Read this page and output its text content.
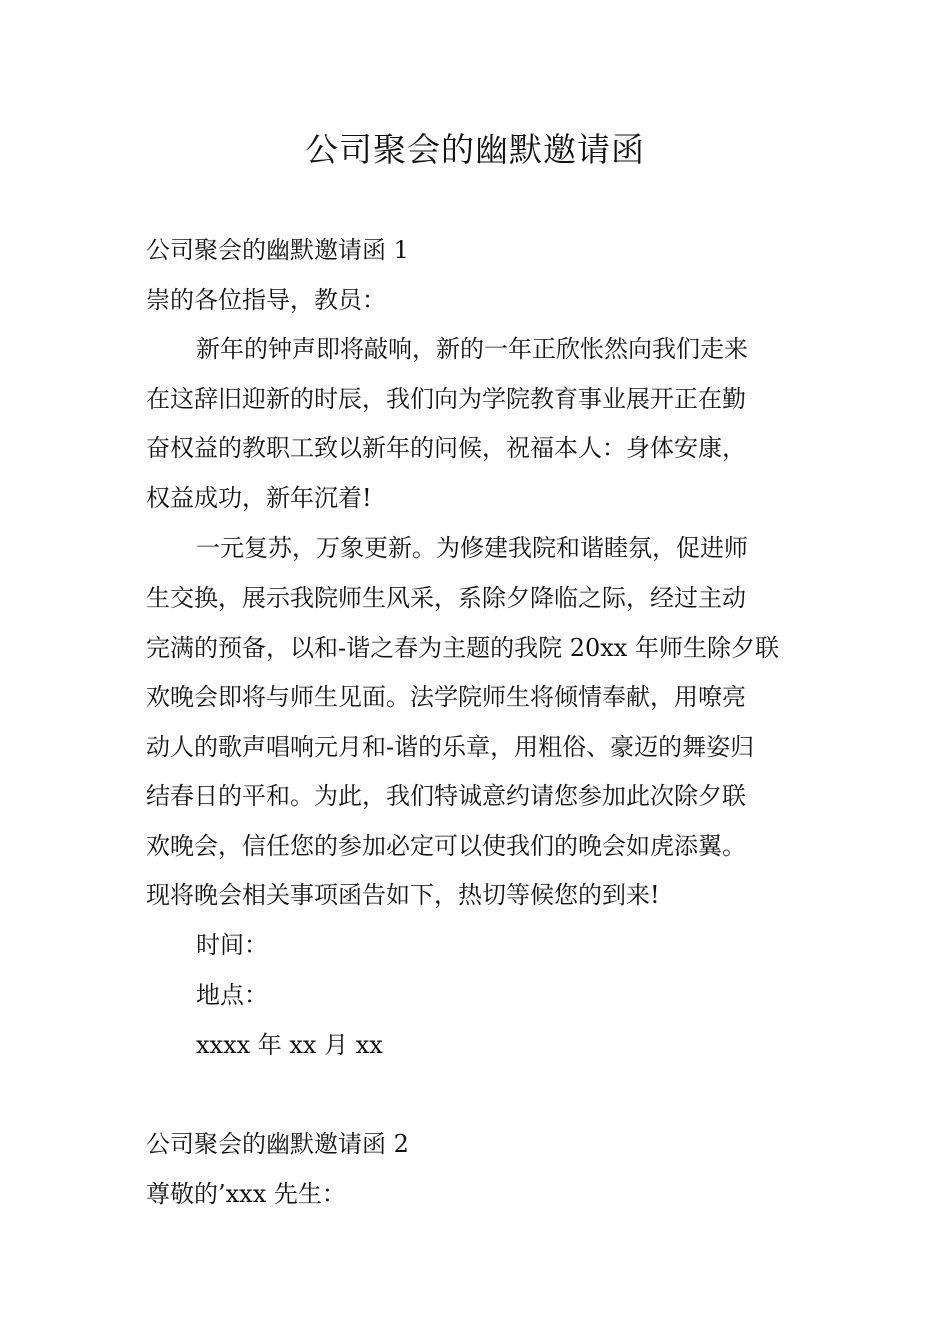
公司聚会的幽默邀请函
公司聚会的幽默邀请函 1
崇的各位指导，教员：
新年的钟声即将敲响，新的一年正欣怅然向我们走来
在这辞旧迎新的时辰，我们向为学院教育事业展开正在勤
奋权益的教职工致以新年的问候，祝福本人：身体安康，
权益成功，新年沉着!
一元复苏，万象更新。为修建我院和谐睦氛，促进师
生交换，展示我院师生风采，系除夕降临之际，经过主动
完满的预备，以和-谐之春为主题的我院 20xx 年师生除夕联
欢晚会即将与师生见面。法学院师生将倾情奉献，用嘹亮
动人的歌声唱响元月和-谐的乐章，用粗俗、豪迈的舞姿归
结春日的平和。为此，我们特诚意约请您参加此次除夕联
欢晚会，信任您的参加必定可以使我们的晚会如虎添翼。
现将晚会相关事项函告如下，热切等候您的到来!
时间：
地点：
xxxx 年 xx 月 xx
公司聚会的幽默邀请函 2
尊敬的’xxx 先生：
